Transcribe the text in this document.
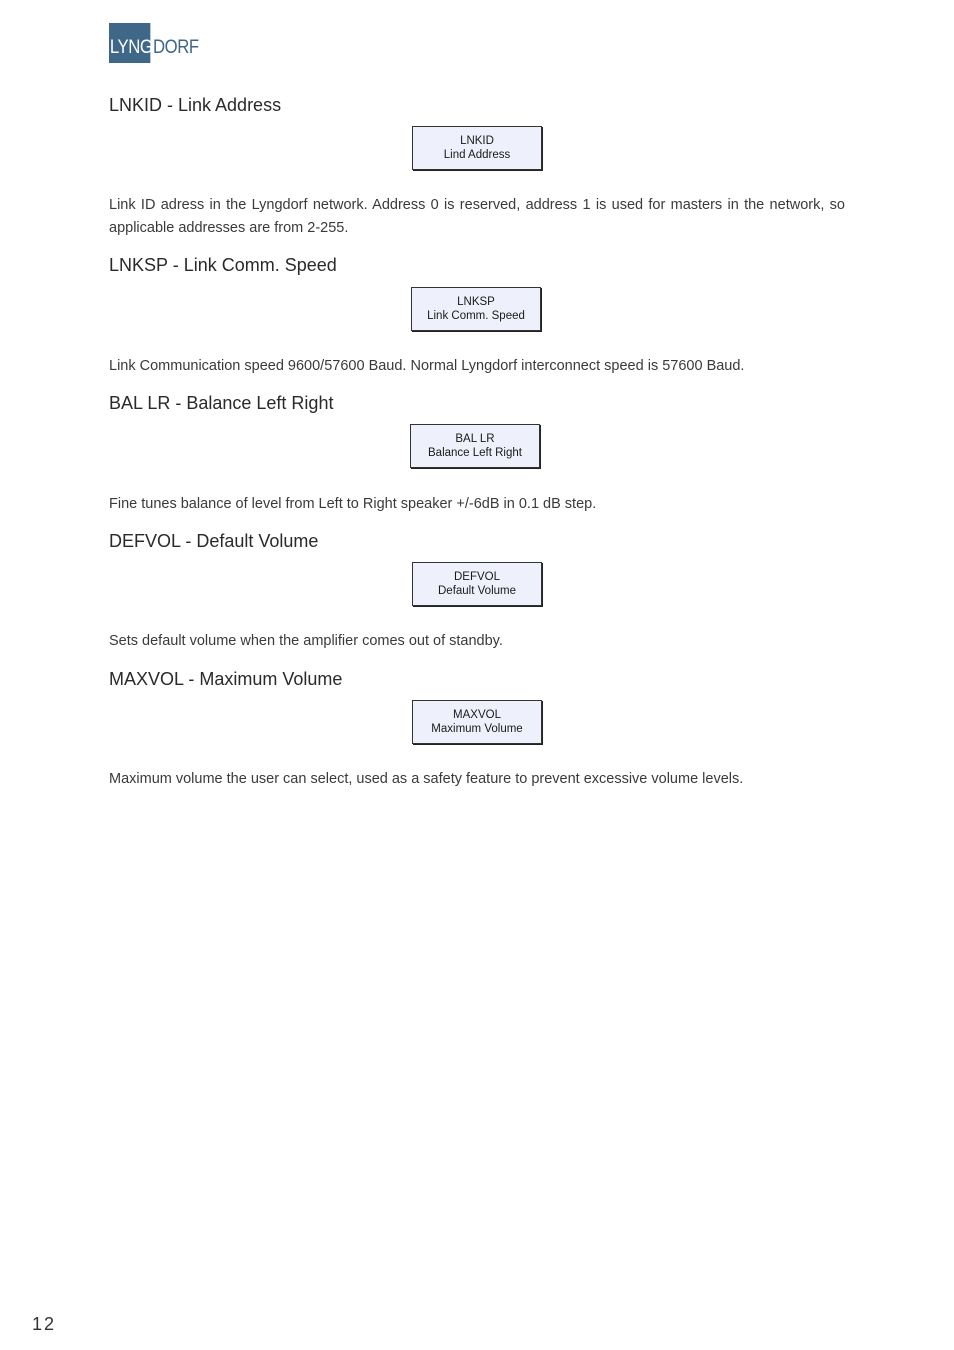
LYNG DORF
LNKID - Link Address
LNKID
Lind Address

Link ID adress in the Lyngdorf network. Address 0 is reserved, address 1 is used for masters in the network, so applicable addresses are from 2-255.

LNKSP - Link Comm. Speed
LNKSP
Link Comm. Speed

Link Communication speed 9600/57600 Baud. Normal Lyngdorf interconnect speed is 57600 Baud.

BAL LR - Balance Left Right
BAL LR
Balance Left Right

Fine tunes balance of level from Left to Right speaker +/-6dB in 0.1 dB step.

DEFVOL - Default Volume
DEFVOL
Default Volume

Sets default volume when the amplifier comes out of standby.

MAXVOL - Maximum Volume
MAXVOL
Maximum Volume

Maximum volume the user can select, used as a safety feature to prevent excessive volume levels.

12
